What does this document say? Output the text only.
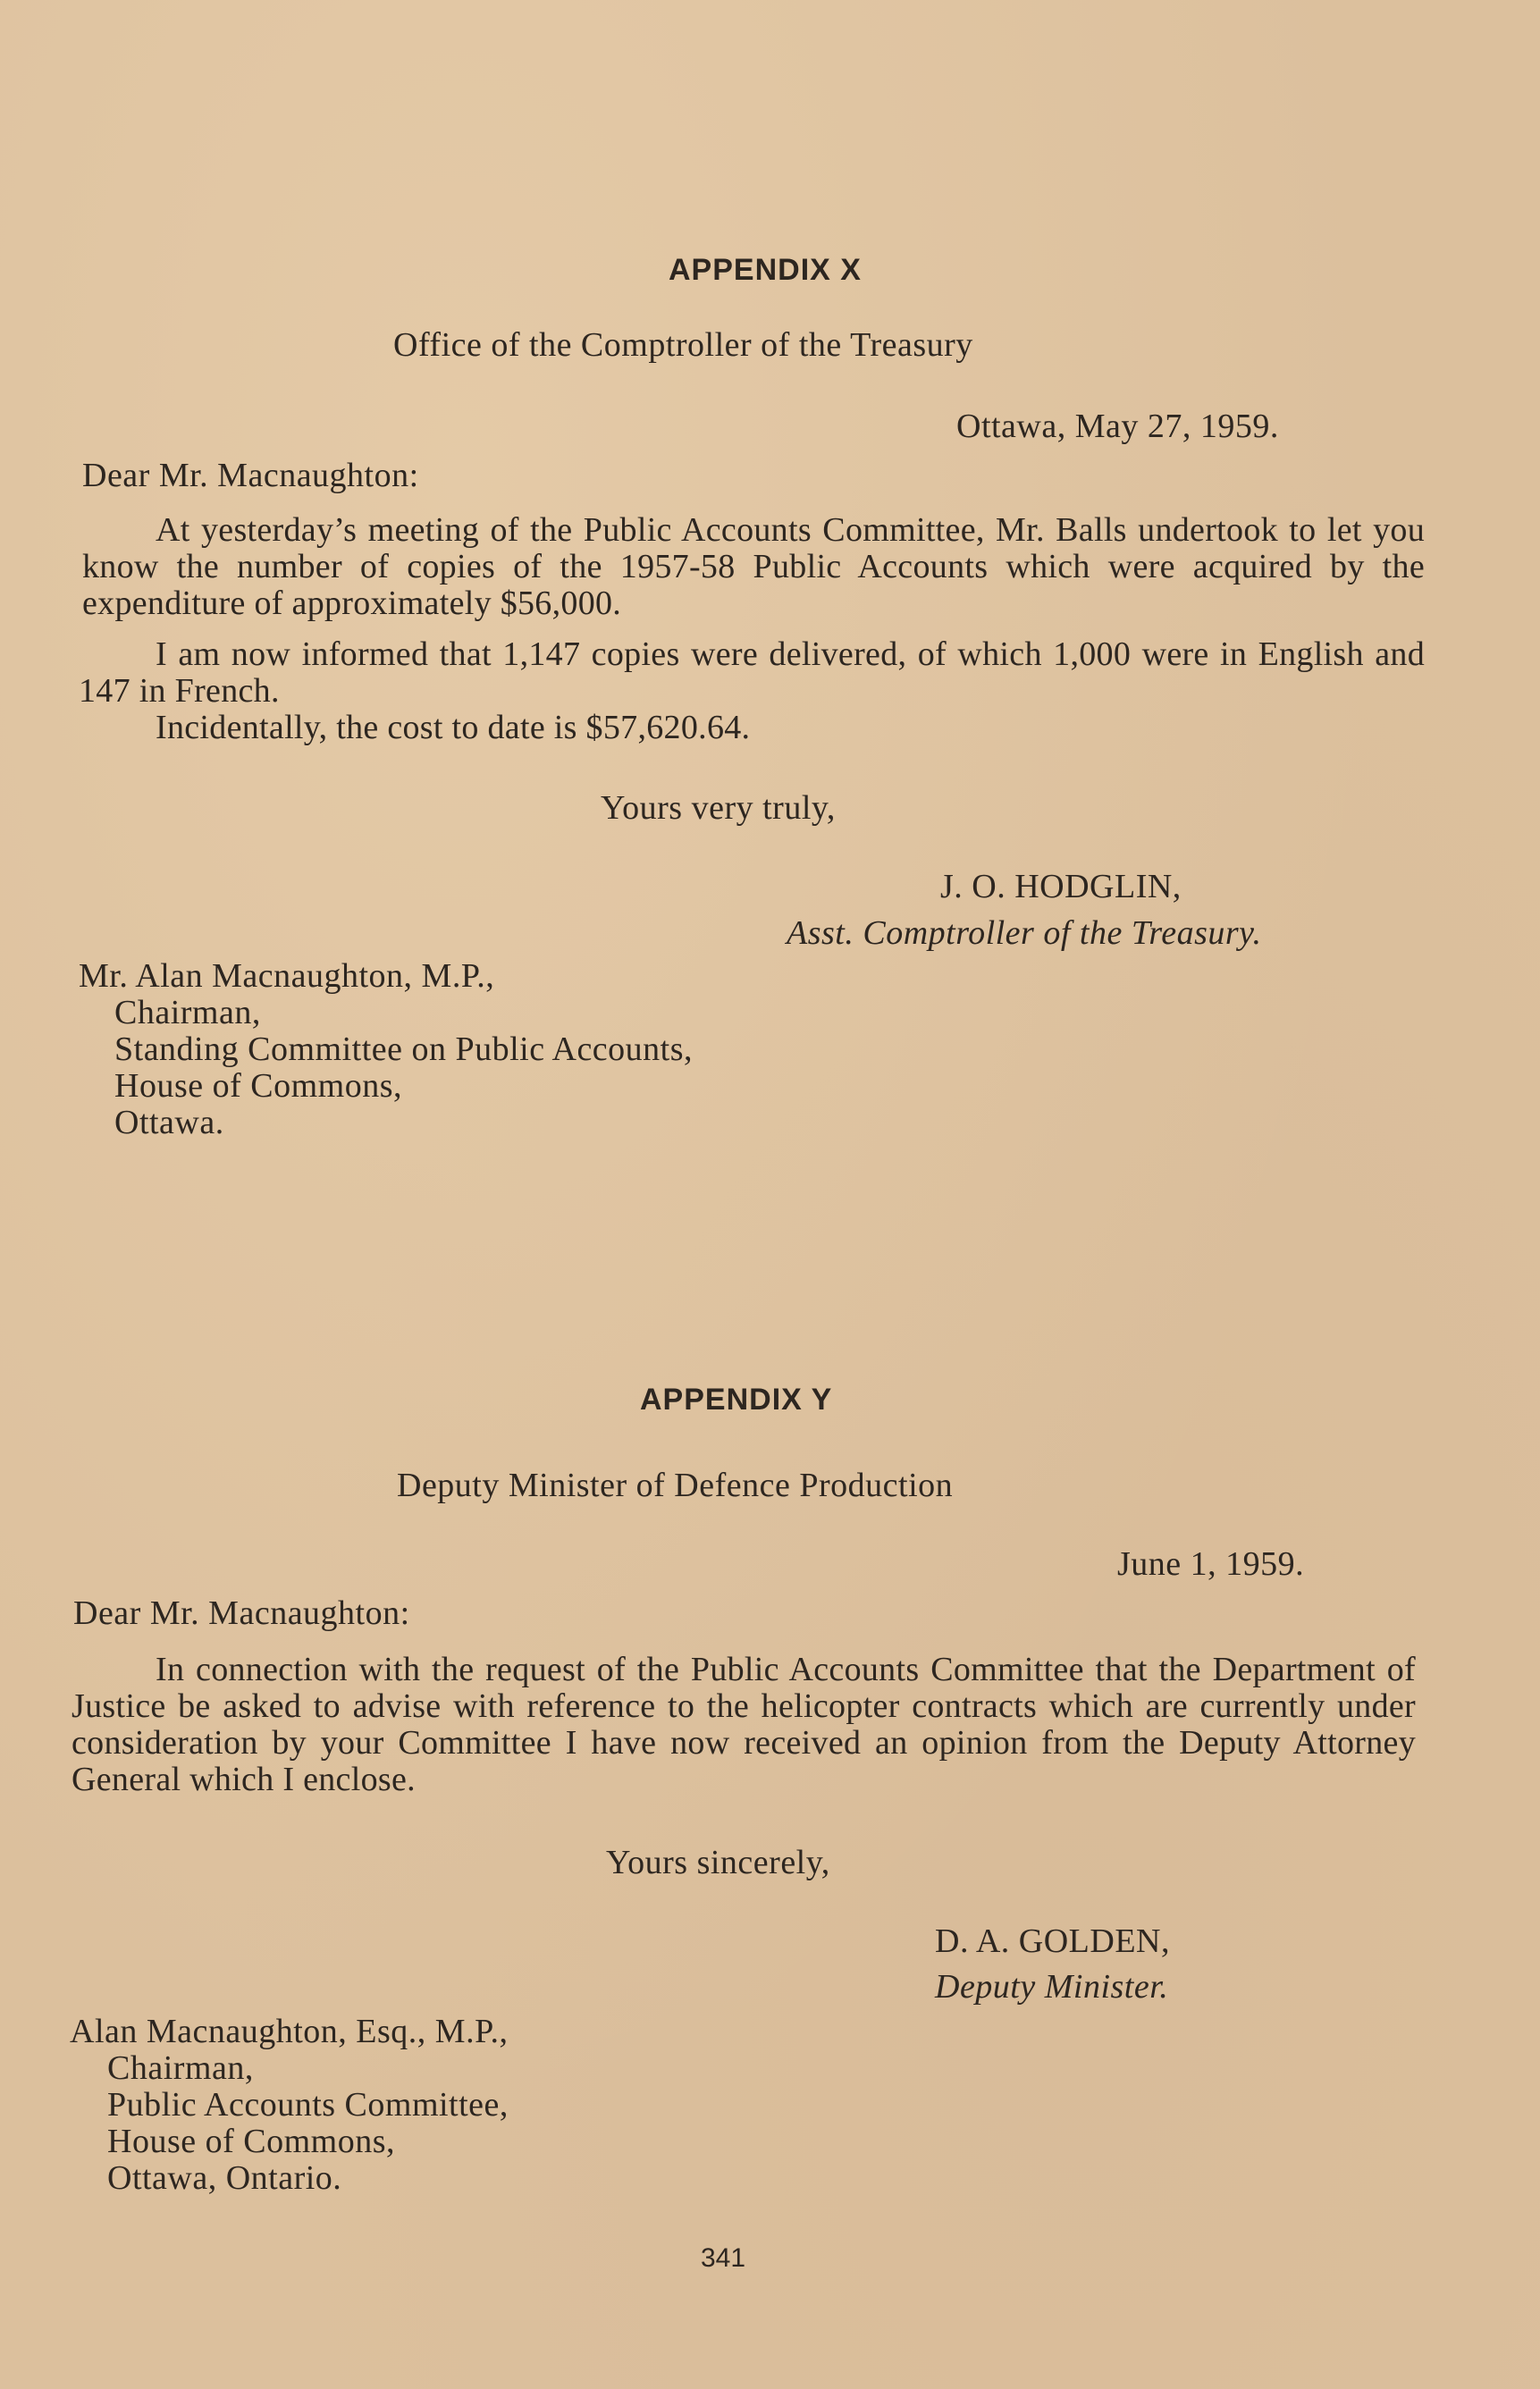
APPENDIX X
Office of the Comptroller of the Treasury
Ottawa, May 27, 1959.
Dear Mr. Macnaughton:
At yesterday’s meeting of the Public Accounts Committee, Mr. Balls undertook to let you know the number of copies of the 1957-58 Public Accounts which were acquired by the expenditure of approximately $56,000.
I am now informed that 1,147 copies were delivered, of which 1,000 were in English and 147 in French.
Incidentally, the cost to date is $57,620.64.
Yours very truly,
J. O. HODGLIN,
Asst. Comptroller of the Treasury.
Mr. Alan Macnaughton, M.P.,
Chairman,
Standing Committee on Public Accounts,
House of Commons,
Ottawa.
APPENDIX Y
Deputy Minister of Defence Production
June 1, 1959.
Dear Mr. Macnaughton:
In connection with the request of the Public Accounts Committee that the Department of Justice be asked to advise with reference to the helicopter contracts which are currently under consideration by your Committee I have now received an opinion from the Deputy Attorney General which I enclose.
Yours sincerely,
D. A. GOLDEN,
Deputy Minister.
Alan Macnaughton, Esq., M.P.,
Chairman,
Public Accounts Committee,
House of Commons,
Ottawa, Ontario.
341
